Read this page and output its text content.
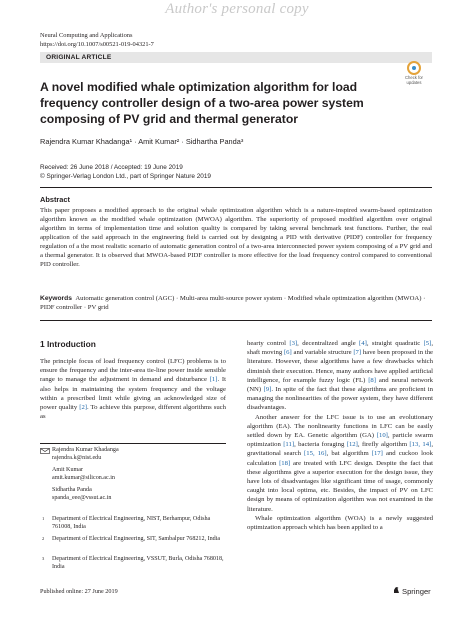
Author's personal copy
Neural Computing and Applications
https://doi.org/10.1007/s00521-019-04321-7
ORIGINAL ARTICLE
Check for updates
A novel modified whale optimization algorithm for load frequency controller design of a two-area power system composing of PV grid and thermal generator
Rajendra Kumar Khadanga¹ · Amit Kumar² · Sidhartha Panda³
Received: 26 June 2018 / Accepted: 19 June 2019
© Springer-Verlag London Ltd., part of Springer Nature 2019
Abstract

This paper proposes a modified approach to the original whale optimization algorithm which is a nature-inspired swarm-based optimization algorithm known as the modified whale optimization (MWOA) algorithm. The superiority of proposed modified algorithm over original algorithm in terms of implementation time and solution quality is compared by taking several benchmark test functions. Further, the real application of the said approach in the engineering field is carried out by designing a PID with derivative (PIDF) controller for frequency regulation of a the most realistic scenario of automatic generation control of a two-area interconnected power system composing of a PV grid and a thermal generator. It is observed that MWOA-based PIDF controller is more effective for the load frequency control compared to conventional PID controller.

Keywords Automatic generation control (AGC) · Multi-area multi-source power system · Modified whale optimization algorithm (MWOA) · PIDF controller · PV grid

1 Introduction

The principle focus of load frequency control (LFC) problems is to ensure the frequency and the inter-area tie-line power inside sensible range to manage the adjustment in demand and disturbance [1]. It also helps in maintaining the system frequency and the voltage within a prescribed limit while giving an acknowledged size of power quality [2]. To achieve this purpose, different algorithms such as

hearty control [3], decentralized angle [4], straight quadratic [5], shaft moving [6] and variable structure [7] have been proposed in the literature. However, these algorithms have a few drawbacks which diminish their execution. Hence, many authors have applied artificial intelligence, for example fuzzy logic (FL) [8] and neural network (NN) [9]. In spite of the fact that these algorithms are proficient in managing the nonlinearities of the power system, they have different disadvantages.

Another answer for the LFC issue is to use an evolutionary algorithm (EA). The nonlinearity functions in LFC can be easily settled down by EA. Genetic algorithm (GA) [10], particle swarm optimization [11], bacteria foraging [12], firefly algorithm [13, 14], gravitational search [15, 16], bat algorithm [17] and cuckoo look calculation [18] are treated with LFC design. Despite the fact that these algorithms give a superior execution for the design issue, they have lots of disadvantages like significant time of usage, commonly caught into local optima, etc. Besides, the impact of PV on LFC design by means of optimization algorithm was not examined in the literature.

Whale optimization algorithm (WOA) is a newly suggested optimization approach which has been applied to a

Rajendra Kumar Khadanga
rajendra.k@nist.edu
Amit Kumar
amit.kumar@silicon.ac.in
Sidhartha Panda
spanda_eee@vssut.ac.in
1 Department of Electrical Engineering, NIST, Berhampur, Odisha 761008, India
2 Department of Electrical Engineering, SIT, Sambalpur 768212, India
3 Department of Electrical Engineering, VSSUT, Burla, Odisha 768018, India
Published online: 27 June 2019	Springer
